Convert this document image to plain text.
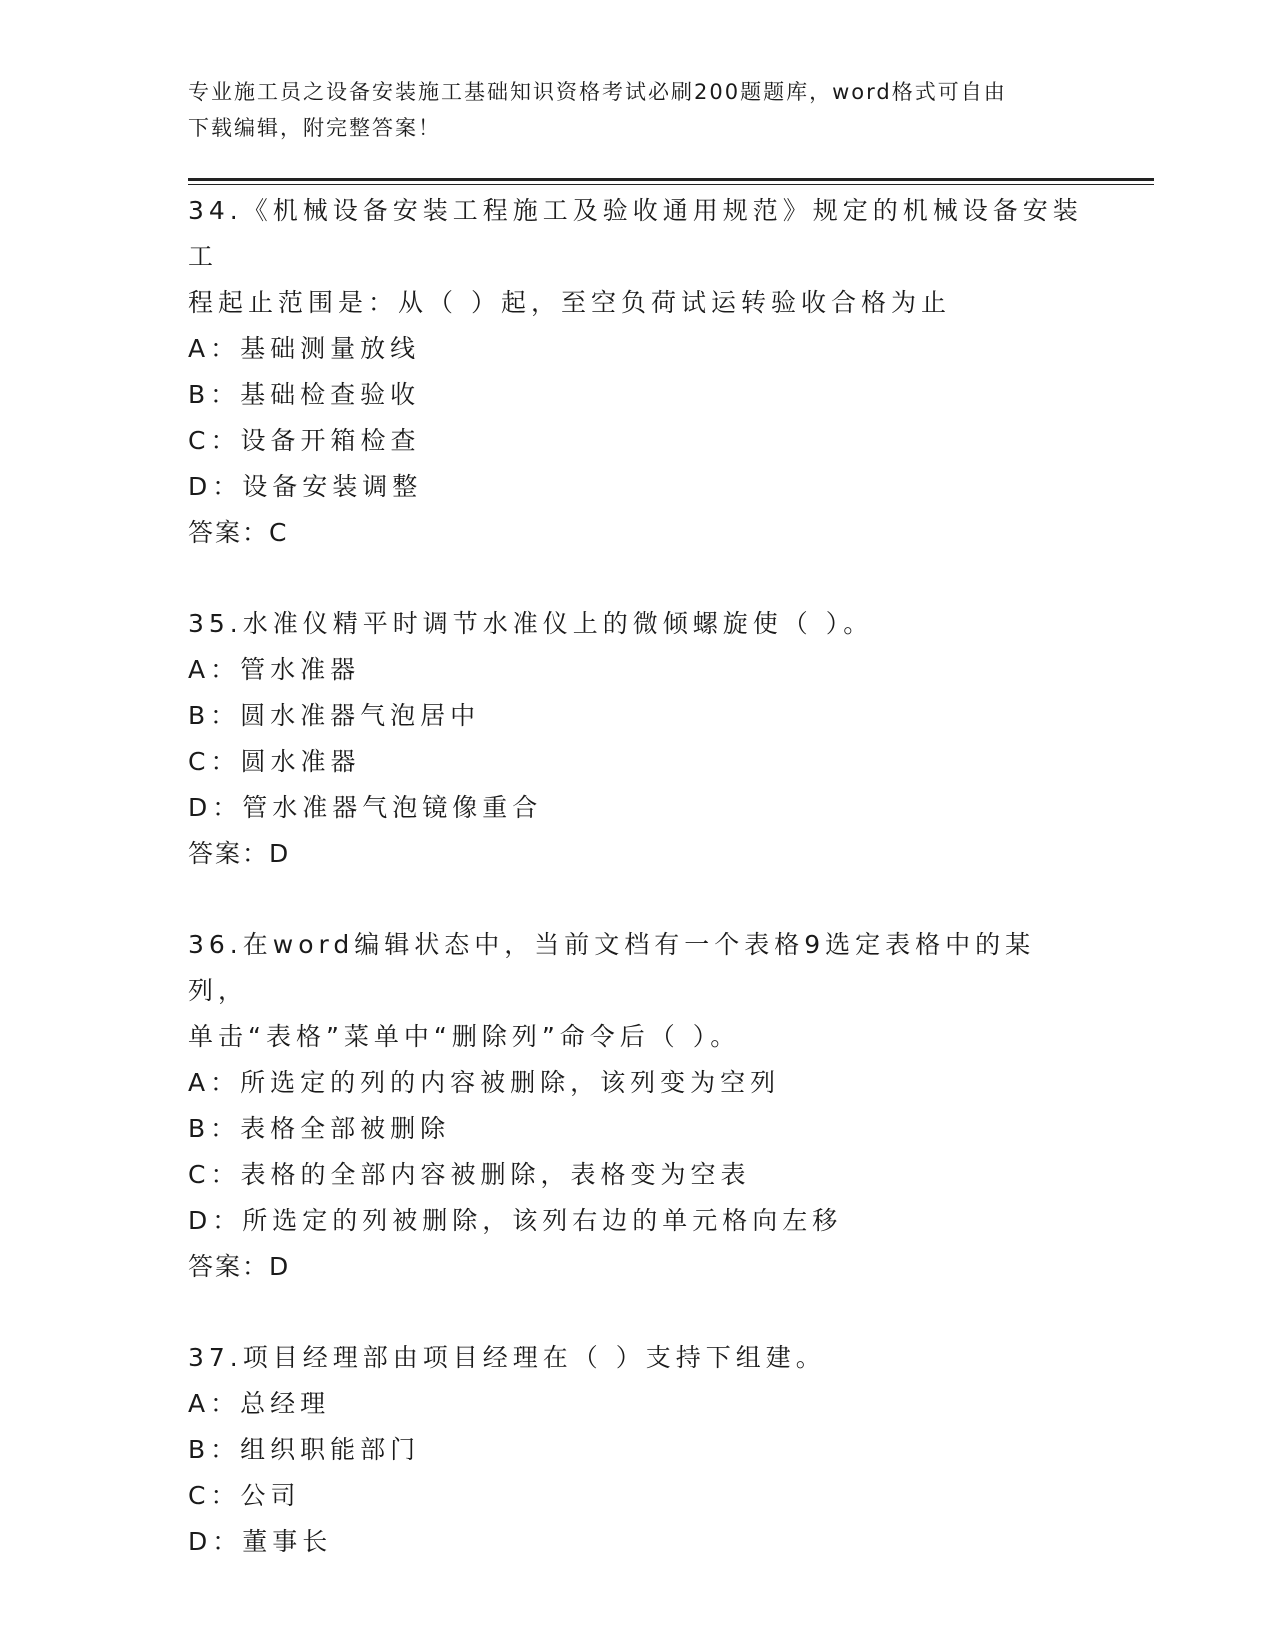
专业施工员之设备安装施工基础知识资格考试必刷200题题库，word格式可自由
下载编辑，附完整答案！
34.《机械设备安装工程施工及验收通用规范》规定的机械设备安装工
程起止范围是：从（ ）起，至空负荷试运转验收合格为止
A：基础测量放线
B：基础检查验收
C：设备开箱检查
D：设备安装调整
答案：C
35.水准仪精平时调节水准仪上的微倾螺旋使（ ）。
A：管水准器
B：圆水准器气泡居中
C：圆水准器
D：管水准器气泡镜像重合
答案：D
36.在word编辑状态中，当前文档有一个表格9选定表格中的某列，
单击“表格”菜单中“删除列”命令后（ ）。
A：所选定的列的内容被删除，该列变为空列
B：表格全部被删除
C：表格的全部内容被删除，表格变为空表
D：所选定的列被删除，该列右边的单元格向左移
答案：D
37.项目经理部由项目经理在（ ）支持下组建。
A：总经理
B：组织职能部门
C：公司
D：董事长
